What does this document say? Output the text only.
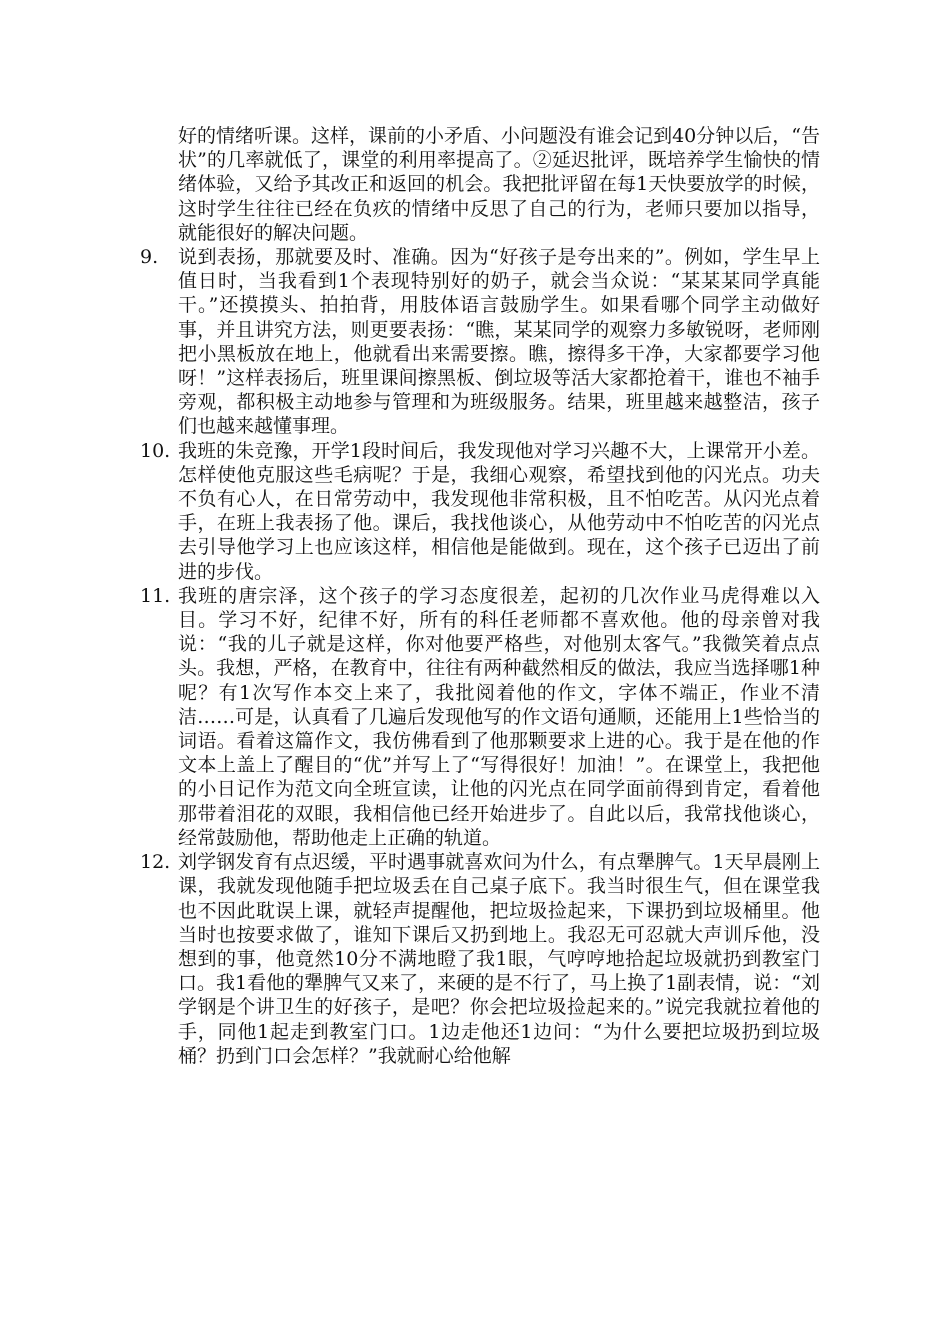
好的情绪听课。这样，课前的小矛盾、小问题没有谁会记到40分钟以后，“告状”的几率就低了，课堂的利用率提高了。②延迟批评，既培养学生愉快的情绪体验，又给予其改正和返回的机会。我把批评留在每1天快要放学的时候，这时学生往往已经在负疚的情绪中反思了自己的行为，老师只要加以指导，就能很好的解决问题。
9.	说到表扬，那就要及时、准确。因为“好孩子是夸出来的”。例如，学生早上值日时，当我看到1个表现特别好的奶子，就会当众说：“某某某同学真能干。”还摸摸头、拍拍背，用肢体语言鼓励学生。如果看哪个同学主动做好事，并且讲究方法，则更要表扬：“瞧，某某同学的观察力多敏锐呀，老师刚把小黑板放在地上，他就看出来需要擦。瞧，擦得多干净，大家都要学习他呀！”这样表扬后，班里课间擦黑板、倒垃圾等活大家都抢着干，谁也不袖手旁观，都积极主动地参与管理和为班级服务。结果，班里越来越整洁，孩子们也越来越懂事理。
10. 我班的朱竞豫，开学1段时间后，我发现他对学习兴趣不大，上课常开小差。怎样使他克服这些毛病呢？于是，我细心观察，希望找到他的闪光点。功夫不负有心人，在日常劳动中，我发现他非常积极，且不怕吃苦。从闪光点着手，在班上我表扬了他。课后，我找他谈心，从他劳动中不怕吃苦的闪光点去引导他学习上也应该这样，相信他是能做到。现在，这个孩子已迈出了前进的步伐。
11. 我班的唐宗泽，这个孩子的学习态度很差，起初的几次作业马虎得难以入目。学习不好，纪律不好，所有的科任老师都不喜欢他。他的母亲曾对我说：“我的儿子就是这样，你对他要严格些，对他别太客气。”我微笑着点点头。我想，严格，在教育中，往往有两种截然相反的做法，我应当选择哪1种呢？有1次写作本交上来了，我批阅着他的作文，字体不端正，作业不清洁……可是，认真看了几遍后发现他写的作文语句通顺，还能用上1些恰当的词语。看着这篇作文，我仿佛看到了他那颗要求上进的心。我于是在他的作文本上盖上了醒目的“优”并写上了“写得很好！加油！”。在课堂上，我把他的小日记作为范文向全班宣读，让他的闪光点在同学面前得到肯定，看着他那带着泪花的双眼，我相信他已经开始进步了。自此以后，我常找他谈心，经常鼓励他，帮助他走上正确的轨道。
12. 刘学钢发育有点迟缓，平时遇事就喜欢问为什么，有点犟脾气。1天早晨刚上课，我就发现他随手把垃圾丢在自己桌子底下。我当时很生气，但在课堂我也不因此耽误上课，就轻声提醒他，把垃圾捡起来，下课扔到垃圾桶里。他当时也按要求做了，谁知下课后又扔到地上。我忍无可忍就大声训斥他，没想到的事，他竟然10分不满地瞪了我1眼，气哼哼地拾起垃圾就扔到教室门口。我1看他的犟脾气又来了，来硬的是不行了，马上换了1副表情，说：“刘学钢是个讲卫生的好孩子，是吧？你会把垃圾捡起来的。”说完我就拉着他的手，同他1起走到教室门口。1边走他还1边问：“为什么要把垃圾扔到垃圾桶？扔到门口会怎样？”我就耐心给他解
